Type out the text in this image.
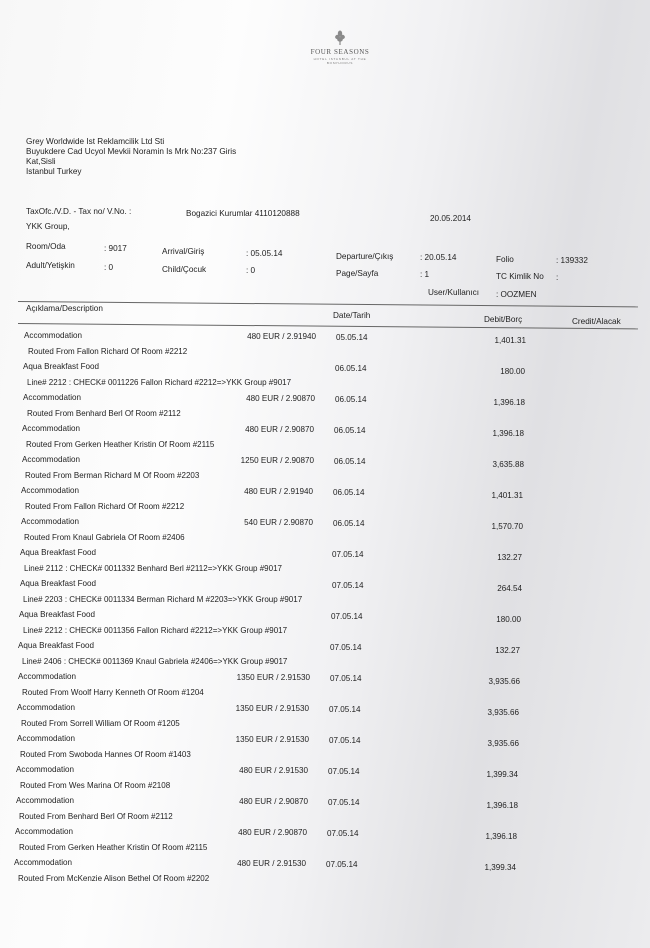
FOUR SEASONS
HOTEL ISTANBUL AT THE BOSPHORUS
Grey Worldwide Ist Reklamcilik Ltd Sti
Buyukdere Cad Ucyol Mevkii Noramin Is Mrk No:237 Giris
Kat,Sisli
Istanbul Turkey
TaxOfc./V.D. - Tax no/ V.No. :	Bogazici Kurumlar 4110120888
20.05.2014
YKK Group,
Room/Oda	: 9017	Arrival/Giriş	: 05.05.14	Departure/Çıkış	: 20.05.14	Folio	: 139332
Adult/Yetişkin	: 0	Child/Çocuk	: 0	Page/Sayfa	: 1	TC Kimlik No :
User/Kullanıcı : OOZMEN
Açıklama/Description
Date/Tarih	Debit/Borç	Credit/Alacak
Accommodation	480 EUR / 2.91940 05.05.14	1,401.31
Routed From Fallon Richard Of Room #2212
Aqua Breakfast Food	06.05.14	180.00
Line# 2212 : CHECK# 0011226 Fallon Richard #2212=>YKK Group #9017
Accommodation	480 EUR / 2.90870 06.05.14	1,396.18
Routed From Benhard Berl Of Room #2112
Accommodation	480 EUR / 2.90870 06.05.14	1,396.18
Routed From Gerken Heather Kristin Of Room #2115
Accommodation	1250 EUR / 2.90870 06.05.14	3,635.88
Routed From Berman Richard M Of Room #2203
Accommodation	480 EUR / 2.91940 06.05.14	1,401.31
Routed From Fallon Richard Of Room #2212
Accommodation	540 EUR / 2.90870 06.05.14	1,570.70
Routed From Knaul Gabriela Of Room #2406
Aqua Breakfast Food	07.05.14	132.27
Line# 2112 : CHECK# 0011332 Benhard Berl #2112=>YKK Group #9017
Aqua Breakfast Food	07.05.14	264.54
Line# 2203 : CHECK# 0011334 Berman Richard M #2203=>YKK Group #9017
Aqua Breakfast Food	07.05.14	180.00
Line# 2212 : CHECK# 0011356 Fallon Richard #2212=>YKK Group #9017
Aqua Breakfast Food	07.05.14	132.27
Line# 2406 : CHECK# 0011369 Knaul Gabriela #2406=>YKK Group #9017
Accommodation	1350 EUR / 2.91530 07.05.14	3,935.66
Routed From Woolf Harry Kenneth Of Room #1204
Accommodation	1350 EUR / 2.91530 07.05.14	3,935.66
Routed From Sorrell William Of Room #1205
Accommodation	1350 EUR / 2.91530 07.05.14	3,935.66
Routed From Swoboda Hannes Of Room #1403
Accommodation	480 EUR / 2.91530 07.05.14	1,399.34
Routed From Wes Marina Of Room #2108
Accommodation	480 EUR / 2.90870 07.05.14	1,396.18
Routed From Benhard Berl Of Room #2112
Accommodation	480 EUR / 2.90870 07.05.14	1,396.18
Routed From Gerken Heather Kristin Of Room #2115
Accommodation	480 EUR / 2.91530 07.05.14	1,399.34
Routed From McKenzie Alison Bethel Of Room #2202
